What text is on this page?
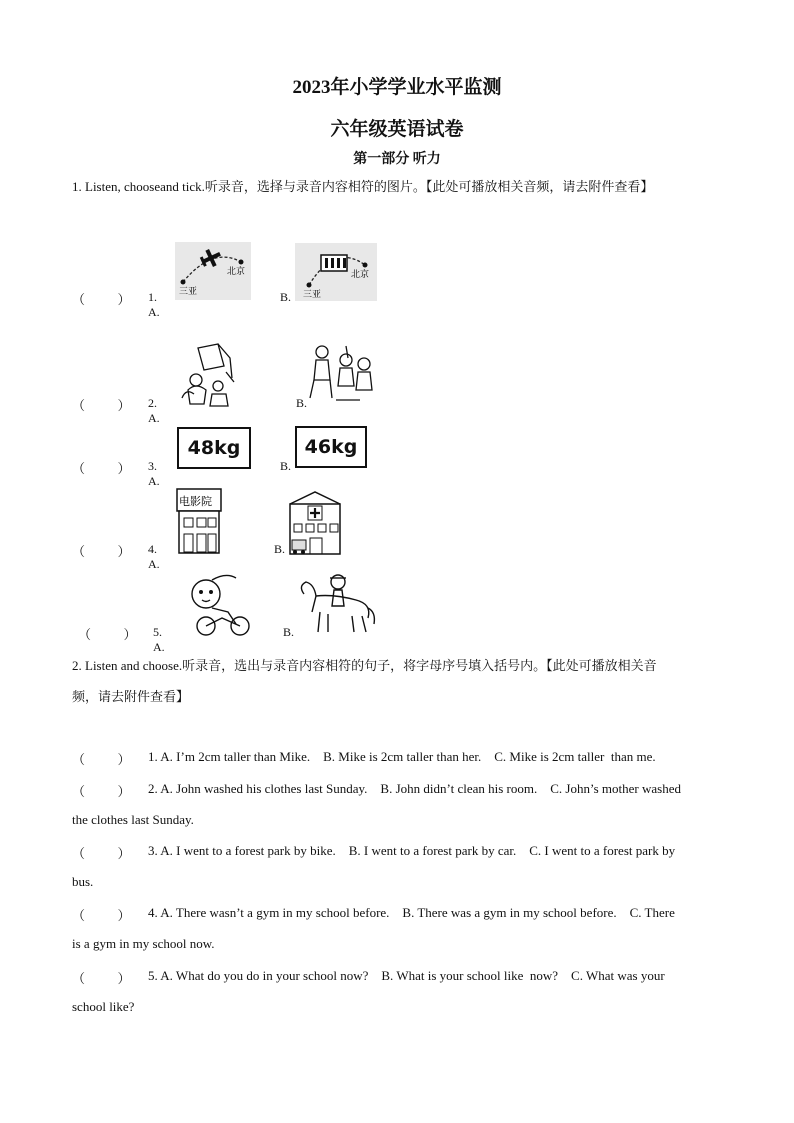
2023年小学学业水平监测
六年级英语试卷
第一部分 听力
1. Listen, chooseand tick.听录音，选择与录音内容相符的图片。【此处可播放相关音频，请去附件查看】
（          ） 1. A.
三亚
北京
B. 三亚
北京
（          ） 2. A.
B.
（          ） 3. A.
48kg
B.
46kg
（          ） 4. A.
电影院
B.
（          ） 5. A.
B.
2. Listen and choose.听录音，选出与录音内容相符的句子，将字母序号填入括号内。【此处可播放相关音
频，请去附件查看】
（          ） 1. A. I’m 2cm taller than Mike.    B. Mike is 2cm taller than her.    C. Mike is 2cm taller  than me.
（          ） 2. A. John washed his clothes last Sunday.    B. John didn’t clean his room.    C. John’s mother washed
the clothes last Sunday.
（          ） 3. A. I went to a forest park by bike.    B. I went to a forest park by car.    C. I went to a forest park by
bus.
（          ） 4. A. There wasn’t a gym in my school before.    B. There was a gym in my school before.    C. There
is a gym in my school now.
（          ） 5. A. What do you do in your school now?    B. What is your school like  now?    C. What was your
school like?
